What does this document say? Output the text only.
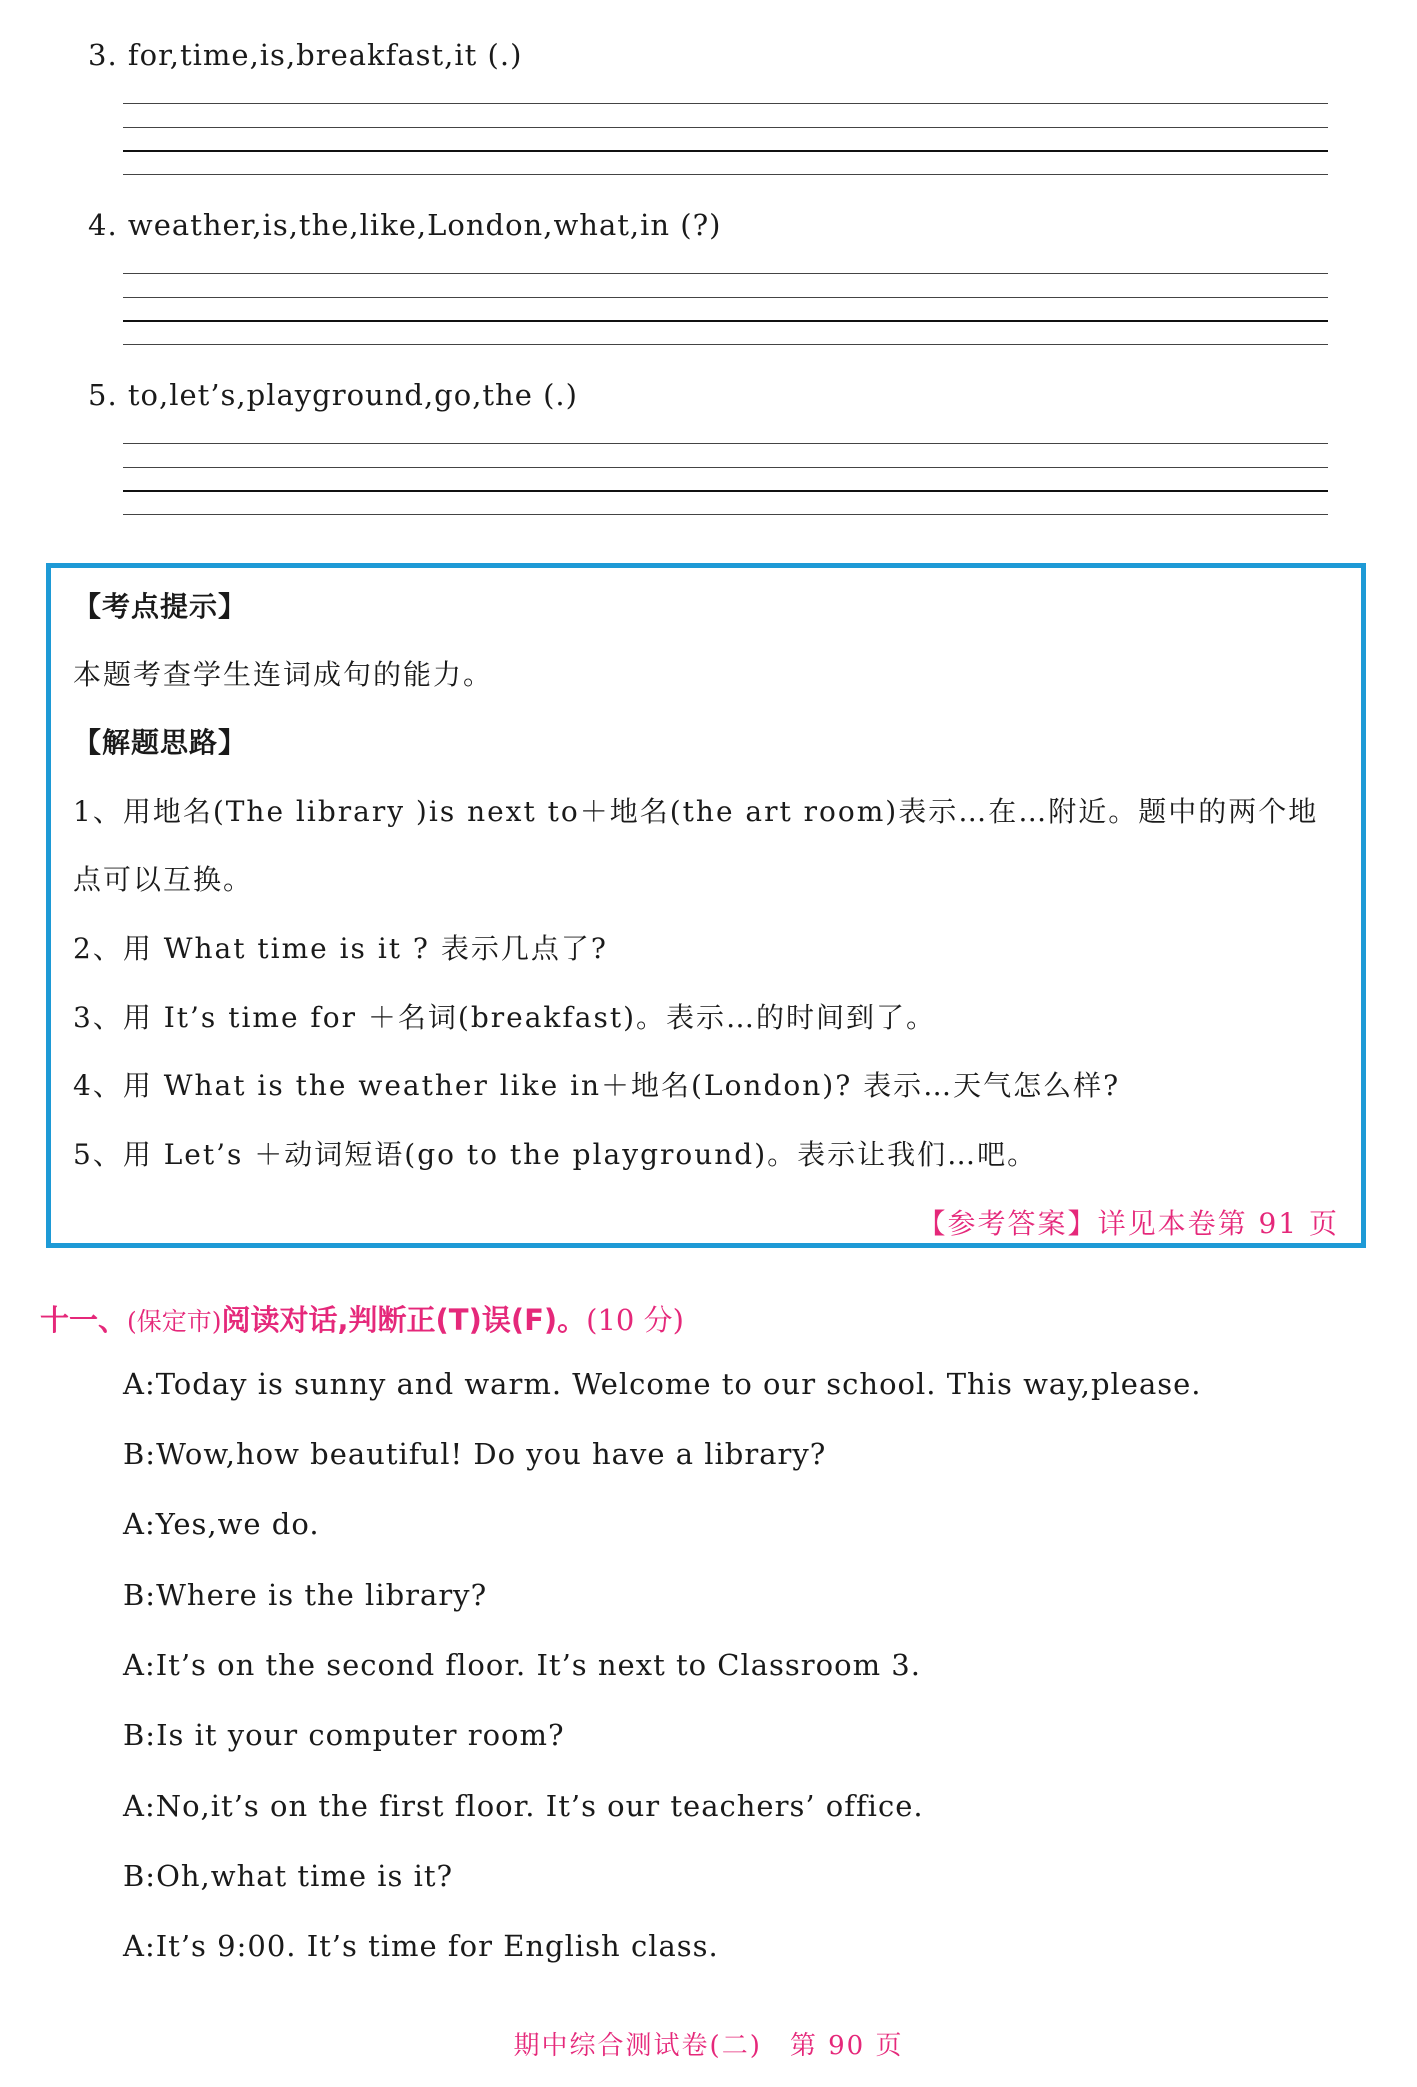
3. for,time,is,breakfast,it (.)
4. weather,is,the,like,London,what,in (?)
5. to,let’s,playground,go,the (.)
【考点提示】
本题考查学生连词成句的能力。
【解题思路】
1、用地名(The library )is next to＋地名(the art room)表示…在…附近。题中的两个地
点可以互换。
2、用 What time is it ? 表示几点了?
3、用 It’s time for ＋名词(breakfast)。表示…的时间到了。
4、用 What is the weather like in＋地名(London)? 表示…天气怎么样?
5、用 Let’s ＋动词短语(go to the playground)。表示让我们…吧。
【参考答案】详见本卷第 91 页
十一、(保定市)阅读对话,判断正(T)误(F)。(10 分)
A:Today is sunny and warm. Welcome to our school. This way,please.
B:Wow,how beautiful! Do you have a library?
A:Yes,we do.
B:Where is the library?
A:It’s on the second floor. It’s next to Classroom 3.
B:Is it your computer room?
A:No,it’s on the first floor. It’s our teachers’ office.
B:Oh,what time is it?
A:It’s 9:00. It’s time for English class.
期中综合测试卷(二)　第 90 页
